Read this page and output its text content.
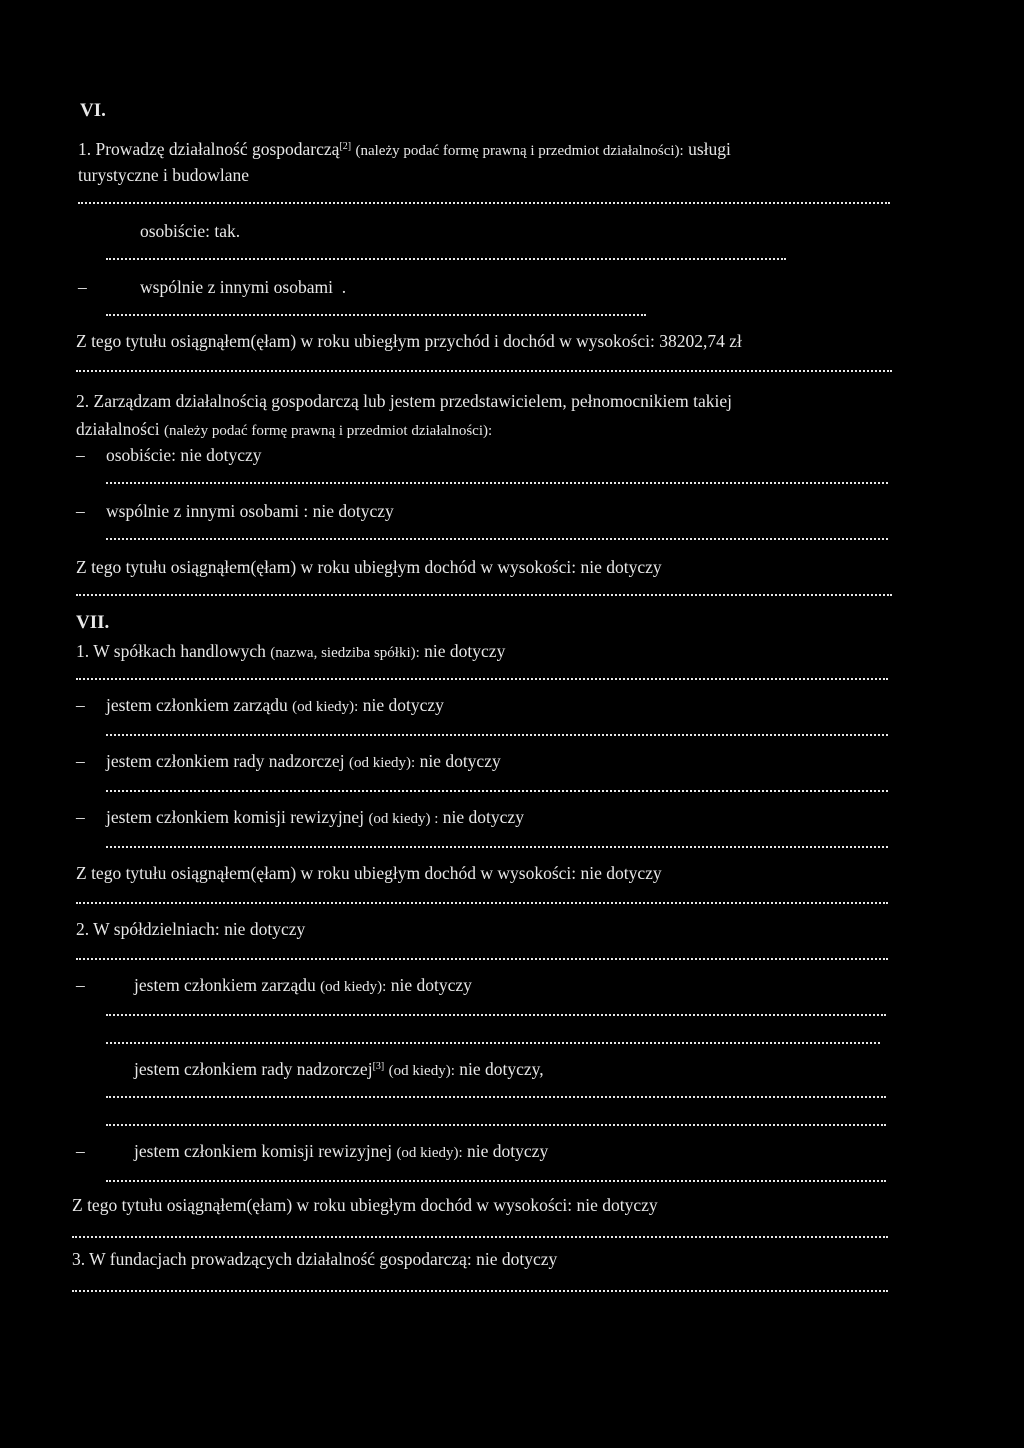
VI.
1. Prowadzę działalność gospodarczą[2] (należy podać formę prawną i przedmiot działalności): usługi
turystyczne i budowlane
osobiście: tak.
–	wspólnie z innymi osobami .
Z tego tytułu osiągnąłem(ęłam) w roku ubiegłym przychód i dochód w wysokości: 38202,74 zł
2. Zarządzam działalnością gospodarczą lub jestem przedstawicielem, pełnomocnikiem takiej
działalności (należy podać formę prawną i przedmiot działalności):
– osobiście: nie dotyczy
– wspólnie z innymi osobami : nie dotyczy
Z tego tytułu osiągnąłem(ęłam) w roku ubiegłym dochód w wysokości: nie dotyczy
VII.
1. W spółkach handlowych (nazwa, siedziba spółki): nie dotyczy
– jestem członkiem zarządu (od kiedy): nie dotyczy
– jestem członkiem rady nadzorczej (od kiedy): nie dotyczy
– jestem członkiem komisji rewizyjnej (od kiedy) : nie dotyczy
Z tego tytułu osiągnąłem(ęłam) w roku ubiegłym dochód w wysokości: nie dotyczy
2. W spółdzielniach: nie dotyczy
–	jestem członkiem zarządu (od kiedy): nie dotyczy
jestem członkiem rady nadzorczej[3] (od kiedy): nie dotyczy,
–	jestem członkiem komisji rewizyjnej (od kiedy): nie dotyczy
Z tego tytułu osiągnąłem(ęłam) w roku ubiegłym dochód w wysokości: nie dotyczy
3. W fundacjach prowadzących działalność gospodarczą: nie dotyczy
